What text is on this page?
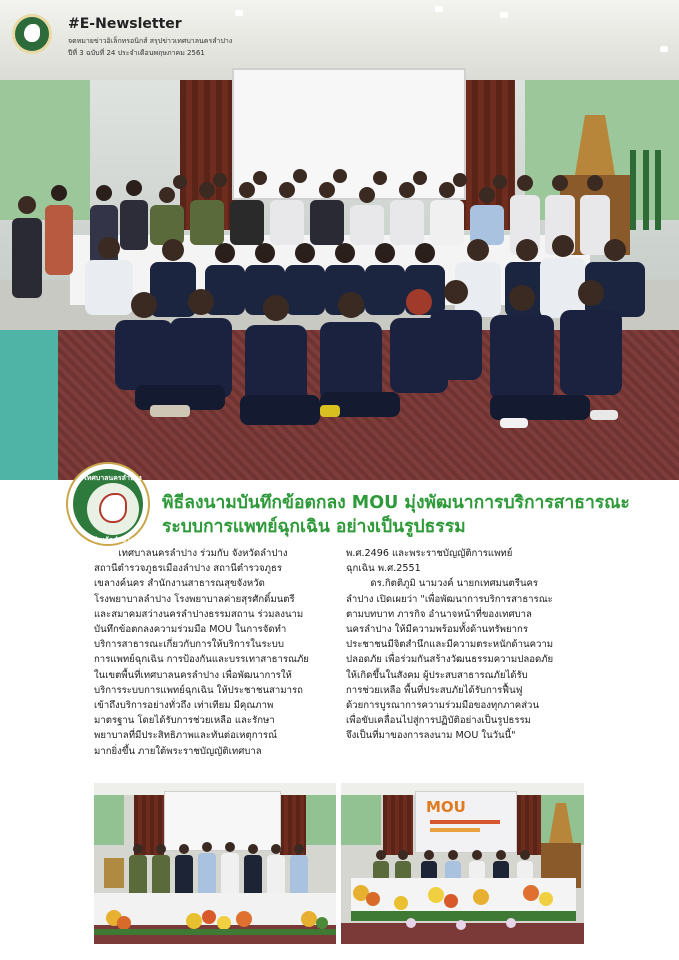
#E-Newsletter
จดหมายข่าวอิเล็กทรอนิกส์ สรุปข่าวเทศบาลนครลำปาง
ปีที่ 3 ฉบับที่ 24 ประจำเดือนพฤษภาคม 2561
เทศบาลนครลำปาง
จังหวัดลำปาง
พิธีลงนามบันทึกข้อตกลง MOU มุ่งพัฒนาการบริการสาธารณะ
ระบบการแพทย์ฉุกเฉิน อย่างเป็นรูปธรรม
เทศบาลนครลำปาง ร่วมกับ จังหวัดลำปาง
สถานีตำรวจภูธรเมืองลำปาง สถานีตำรวจภูธร
เขลางค์นคร สำนักงานสาธารณสุขจังหวัด
โรงพยาบาลลำปาง โรงพยาบาลค่ายสุรศักดิ์มนตรี
และสมาคมสว่างนครลำปางธรรมสถาน ร่วมลงนาม
บันทึกข้อตกลงความร่วมมือ MOU ในการจัดทำ
บริการสาธารณะเกี่ยวกับการให้บริการในระบบ
การแพทย์ฉุกเฉิน การป้องกันและบรรเทาสาธารณภัย
ในเขตพื้นที่เทศบาลนครลำปาง เพื่อพัฒนาการให้
บริการระบบการแพทย์ฉุกเฉิน ให้ประชาชนสามารถ
เข้าถึงบริการอย่างทั่วถึง เท่าเทียม มีคุณภาพ
มาตรฐาน โดยได้รับการช่วยเหลือ และรักษา
พยาบาลที่มีประสิทธิภาพและทันต่อเหตุการณ์
มากยิ่งขึ้น ภายใต้พระราชบัญญัติเทศบาล
พ.ศ.2496 และพระราชบัญญัติการแพทย์
ฉุกเฉิน พ.ศ.2551
ดร.กิตติภูมิ นามวงค์ นายกเทศมนตรีนคร
ลำปาง เปิดเผยว่า "เพื่อพัฒนาการบริการสาธารณะ
ตามบทบาท ภารกิจ อำนาจหน้าที่ของเทศบาล
นครลำปาง ให้มีความพร้อมทั้งด้านทรัพยากร
ประชาชนมีจิตสำนึกและมีความตระหนักด้านความ
ปลอดภัย เพื่อร่วมกันสร้างวัฒนธรรมความปลอดภัย
ให้เกิดขึ้นในสังคม ผู้ประสบสาธารณภัยได้รับ
การช่วยเหลือ พื้นที่ประสบภัยได้รับการฟื้นฟู
ด้วยการบูรณาการความร่วมมือของทุกภาคส่วน
เพื่อขับเคลื่อนไปสู่การปฏิบัติอย่างเป็นรูปธรรม
จึงเป็นที่มาของการลงนาม MOU ในวันนี้"
MOU
